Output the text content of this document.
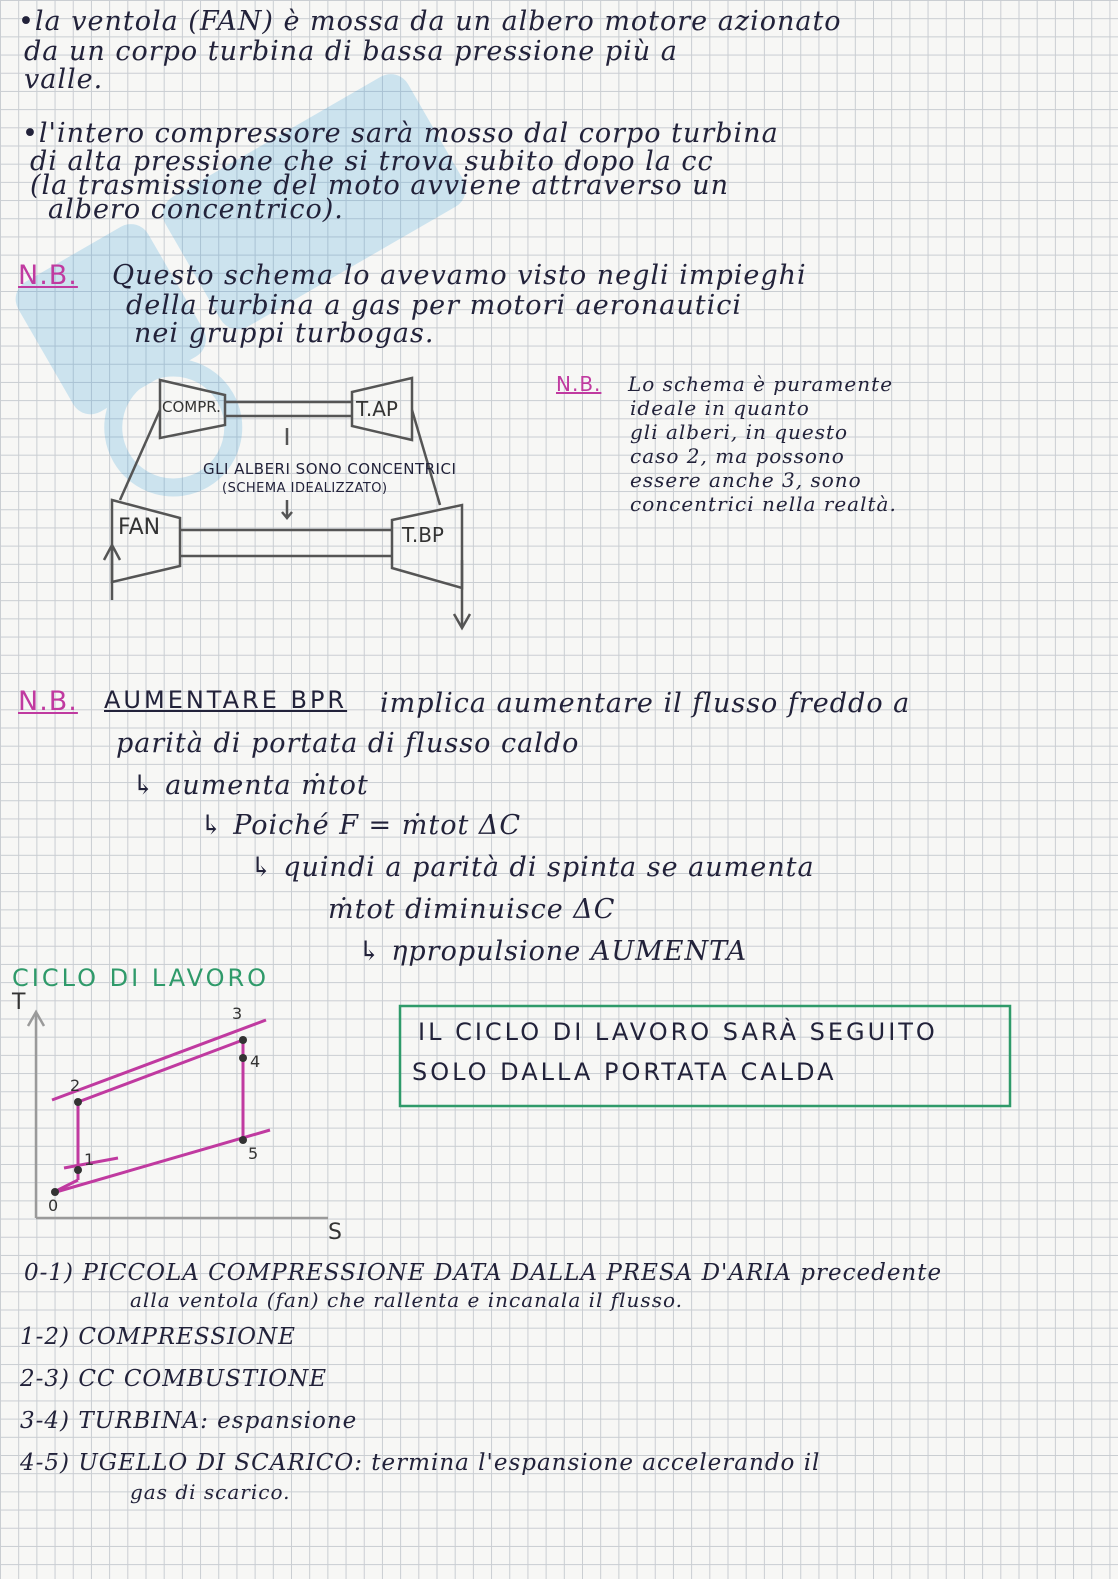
•la ventola (FAN) è mossa da un albero motore azionato
da un corpo turbina di bassa pressione più a
valle.
•l'intero compressore sarà mosso dal corpo turbina
di alta pressione che si trova subito dopo la cc
(la trasmissione del moto avviene attraverso un
albero concentrico).
N.B. Questo schema lo avevamo visto negli impieghi
della turbina a gas per motori aeronautici
nei gruppi turbogas.
COMPR.	T.AP
FAN	T.BP
GLI ALBERI SONO CONCENTRICI
(SCHEMA IDEALIZZATO)
N.B. Lo schema è puramente
ideale in quanto
gli alberi, in questo
caso 2, ma possono
essere anche 3, sono
concentrici nella realtà.
N.B. AUMENTARE BPR implica aumentare il flusso freddo a
parità di portata di flusso caldo
↳ aumenta ṁtot
↳ Poiché F = ṁtot ΔC
↳ quindi a parità di spinta se aumenta
ṁtot diminuisce ΔC
↳ ηpropulsione AUMENTA
CICLO DI LAVORO
T
S
0
1
2
3
4
5
IL CICLO DI LAVORO SARÀ SEGUITO
SOLO DALLA PORTATA CALDA
0-1) PICCOLA COMPRESSIONE DATA DALLA PRESA D'ARIA precedente
alla ventola (fan) che rallenta e incanala il flusso.
1-2) COMPRESSIONE
2-3) CC COMBUSTIONE
3-4) TURBINA: espansione
4-5) UGELLO DI SCARICO: termina l'espansione accelerando il
gas di scarico.
